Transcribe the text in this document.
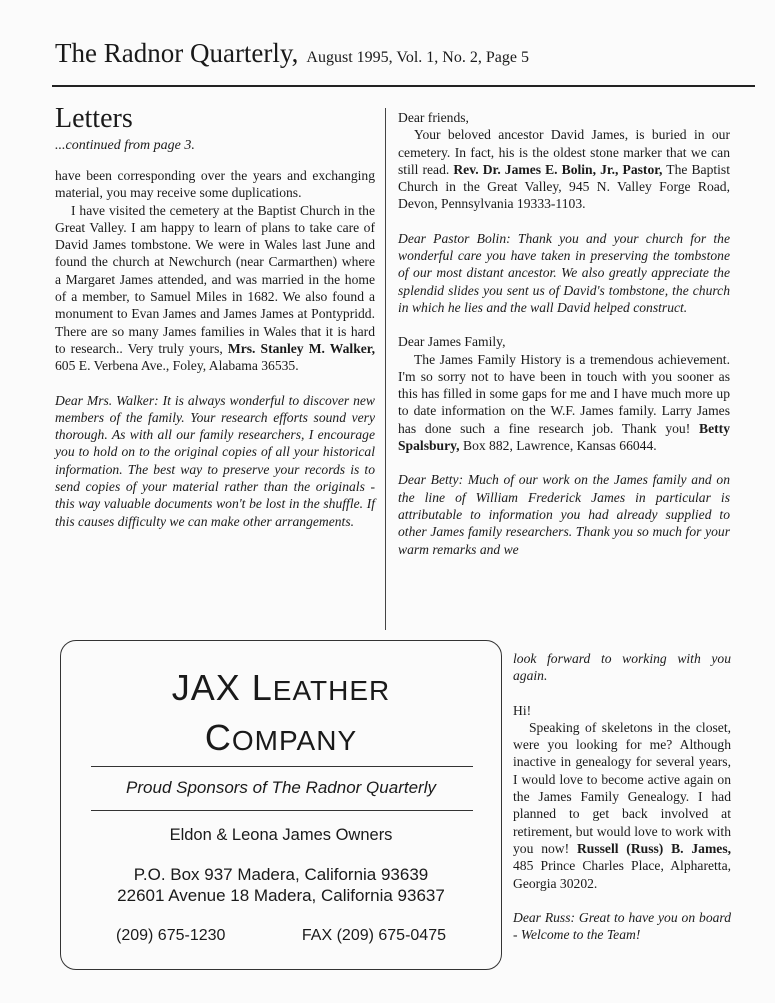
The Radnor Quarterly, August 1995, Vol. 1, No. 2, Page 5
Letters
...continued from page 3.

have been corresponding over the years and exchanging material, you may receive some duplications.

I have visited the cemetery at the Baptist Church in the Great Valley. I am happy to learn of plans to take care of David James tombstone. We were in Wales last June and found the church at Newchurch (near Carmarthen) where a Margaret James attended, and was married in the home of a member, to Samuel Miles in 1682. We also found a monument to Evan James and James James at Pontypridd. There are so many James families in Wales that it is hard to research.. Very truly yours, Mrs. Stanley M. Walker, 605 E. Verbena Ave., Foley, Alabama 36535.

Dear Mrs. Walker: It is always wonderful to discover new members of the family. Your research efforts sound very thorough. As with all our family researchers, I encourage you to hold on to the original copies of all your historical information. The best way to preserve your records is to send copies of your material rather than the originals - this way valuable documents won't be lost in the shuffle. If this causes difficulty we can make other arrangements.

Dear friends,

Your beloved ancestor David James, is buried in our cemetery. In fact, his is the oldest stone marker that we can still read. Rev. Dr. James E. Bolin, Jr., Pastor, The Baptist Church in the Great Valley, 945 N. Valley Forge Road, Devon, Pennsylvania 19333-1103.

Dear Pastor Bolin: Thank you and your church for the wonderful care you have taken in preserving the tombstone of our most distant ancestor. We also greatly appreciate the splendid slides you sent us of David's tombstone, the church in which he lies and the wall David helped construct.

Dear James Family,

The James Family History is a tremendous achievement. I'm so sorry not to have been in touch with you sooner as this has filled in some gaps for me and I have much more up to date information on the W.F. James family. Larry James has done such a fine research job. Thank you! Betty Spalsbury, Box 882, Lawrence, Kansas 66044.

Dear Betty: Much of our work on the James family and on the line of William Frederick James in particular is attributable to information you had already supplied to other James family researchers. Thank you so much for your warm remarks and we

JAX LEATHER
COMPANY
Proud Sponsors of The Radnor Quarterly
Eldon & Leona James Owners
P.O. Box 937 Madera, California 93639
22601 Avenue 18 Madera, California 93637
(209) 675-1230	FAX (209) 675-0475

look forward to working with you again.

Hi!

Speaking of skeletons in the closet, were you looking for me? Although inactive in genealogy for several years, I would love to become active again on the James Family Genealogy. I had planned to get back involved at retirement, but would love to work with you now! Russell (Russ) B. James, 485 Prince Charles Place, Alpharetta, Georgia 30202.

Dear Russ: Great to have you on board - Welcome to the Team!
